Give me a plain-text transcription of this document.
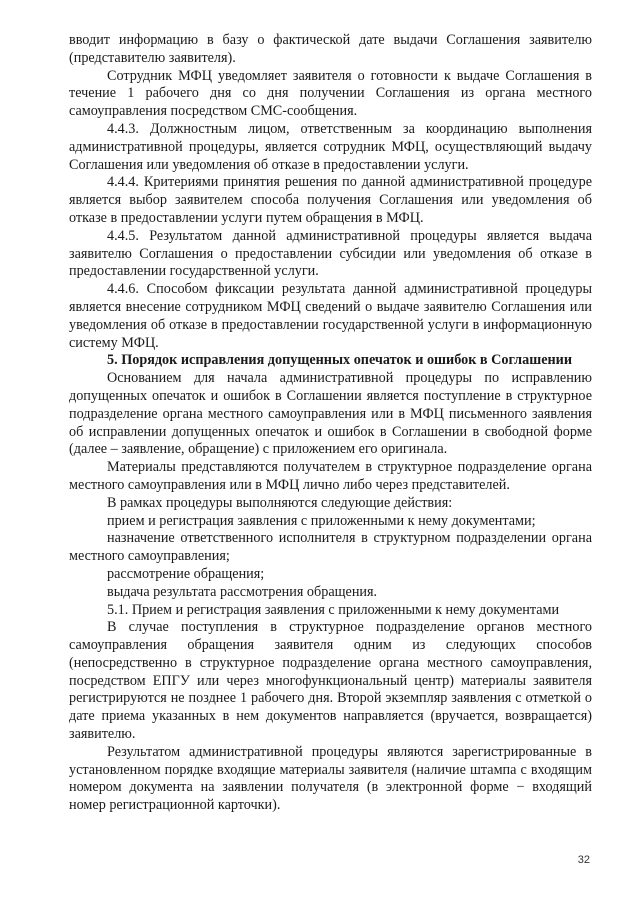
вводит информацию в базу о фактической дате выдачи Соглашения заявителю (представителю заявителя).

Сотрудник МФЦ уведомляет заявителя о готовности к выдаче Соглашения в течение 1 рабочего дня со дня получении Соглашения из органа местного самоуправления посредством СМС-сообщения.

4.4.3. Должностным лицом, ответственным за координацию выполнения административной процедуры, является сотрудник МФЦ, осуществляющий выдачу Соглашения или уведомления об отказе в предоставлении услуги.

4.4.4. Критериями принятия решения по данной административной процедуре является выбор заявителем способа получения Соглашения или уведомления об отказе в предоставлении услуги путем обращения в МФЦ.

4.4.5. Результатом данной административной процедуры является выдача заявителю Соглашения о предоставлении субсидии или уведомления об отказе в предоставлении государственной услуги.

4.4.6. Способом фиксации результата данной административной процедуры является внесение сотрудником МФЦ сведений о выдаче заявителю Соглашения или уведомления об отказе в предоставлении государственной услуги в информационную систему МФЦ.

5. Порядок исправления допущенных опечаток и ошибок в Соглашении

Основанием для начала административной процедуры по исправлению допущенных опечаток и ошибок в Соглашении является поступление в структурное подразделение органа местного самоуправления или в МФЦ письменного заявления об исправлении допущенных опечаток и ошибок в Соглашении в свободной форме (далее – заявление, обращение) с приложением его оригинала.

Материалы представляются получателем в структурное подразделение органа местного самоуправления или в МФЦ лично либо через представителей.

В рамках процедуры выполняются следующие действия:

прием и регистрация заявления с приложенными к нему документами;

назначение ответственного исполнителя в структурном подразделении органа местного самоуправления;

рассмотрение обращения;

выдача результата рассмотрения обращения.

5.1. Прием и регистрация заявления с приложенными к нему документами

В случае поступления в структурное подразделение органов местного самоуправления обращения заявителя одним из следующих способов (непосредственно в структурное подразделение органа местного самоуправления, посредством ЕПГУ или через многофункциональный центр) материалы заявителя регистрируются не позднее 1 рабочего дня. Второй экземпляр заявления с отметкой о дате приема указанных в нем документов направляется (вручается, возвращается) заявителю.

Результатом административной процедуры являются зарегистрированные в установленном порядке входящие материалы заявителя (наличие штампа с входящим номером документа на заявлении получателя (в электронной форме − входящий номер регистрационной карточки).

32
